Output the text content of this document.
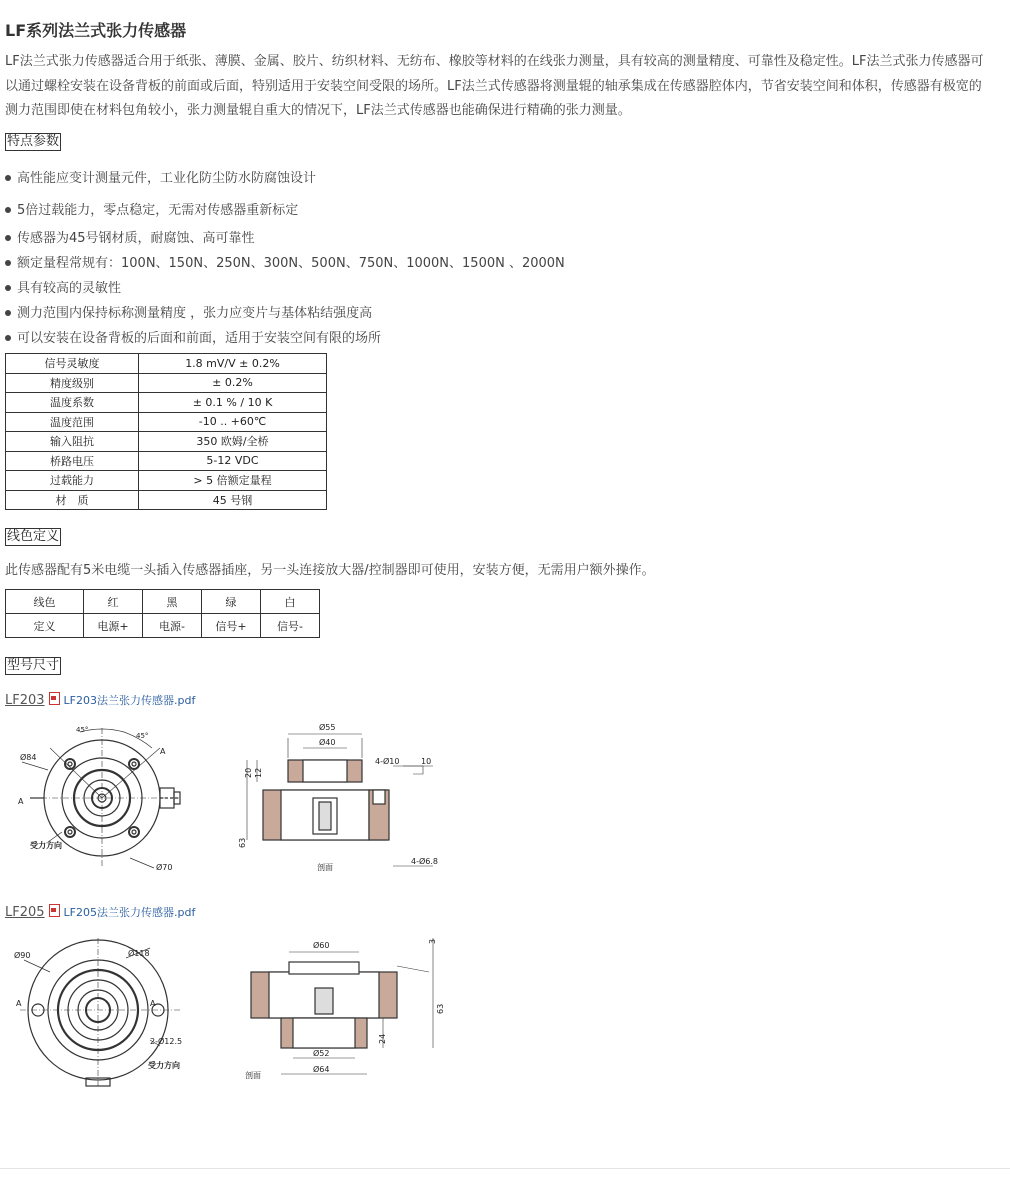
LF系列法兰式张力传感器

LF法兰式张力传感器适合用于纸张、薄膜、金属、胶片、纺织材料、无纺布、橡胶等材料的在线张力测量，具有较高的测量精度、可靠性及稳定性。LF法兰式张力传感器可以通过螺栓安装在设备背板的前面或后面，特别适用于安装空间受限的场所。LF法兰式传感器将测量辊的轴承集成在传感器腔体内，节省安装空间和体积，传感器有极宽的测力范围即使在材料包角较小，张力测量辊自重大的情况下，LF法兰式传感器也能确保进行精确的张力测量。

特点参数
高性能应变计测量元件，工业化防尘防水防腐蚀设计
5倍过载能力，零点稳定，无需对传感器重新标定
传感器为45号钢材质，耐腐蚀、高可靠性
额定量程常规有：100N、150N、250N、300N、500N、750N、1000N、1500N 、2000N
具有较高的灵敏性
测力范围内保持标称测量精度 ，张力应变片与基体粘结强度高
可以安装在设备背板的后面和前面，适用于安装空间有限的场所
信号灵敏度	1.8 mV/V ± 0.2%
精度级别	± 0.2%
温度系数	± 0.1 % / 10 K
温度范围	-10 .. +60℃
输入阻抗	350 欧姆/全桥
桥路电压	5-12 VDC
过载能力	> 5 倍额定量程
材　质	45 号钢
线色定义
此传感器配有5米电缆一头插入传感器插座，另一头连接放大器/控制器即可使用，安装方便，无需用户额外操作。
线色	红	黑	绿	白
定义	电源+	电源-	信号+	信号-
型号尺寸
LF203 LF203法兰张力传感器.pdf
Ø84
Ø70
45°
45°
A
A
受力方向
Ø55
Ø40
4-Ø10	10
4-Ø6.8
20 12
63
剖面
LF205 LF205法兰张力传感器.pdf
Ø90	Ø118
2-Ø12.5
受力方向
A	A
Ø60
Ø52
Ø64
3
63
24
剖面
